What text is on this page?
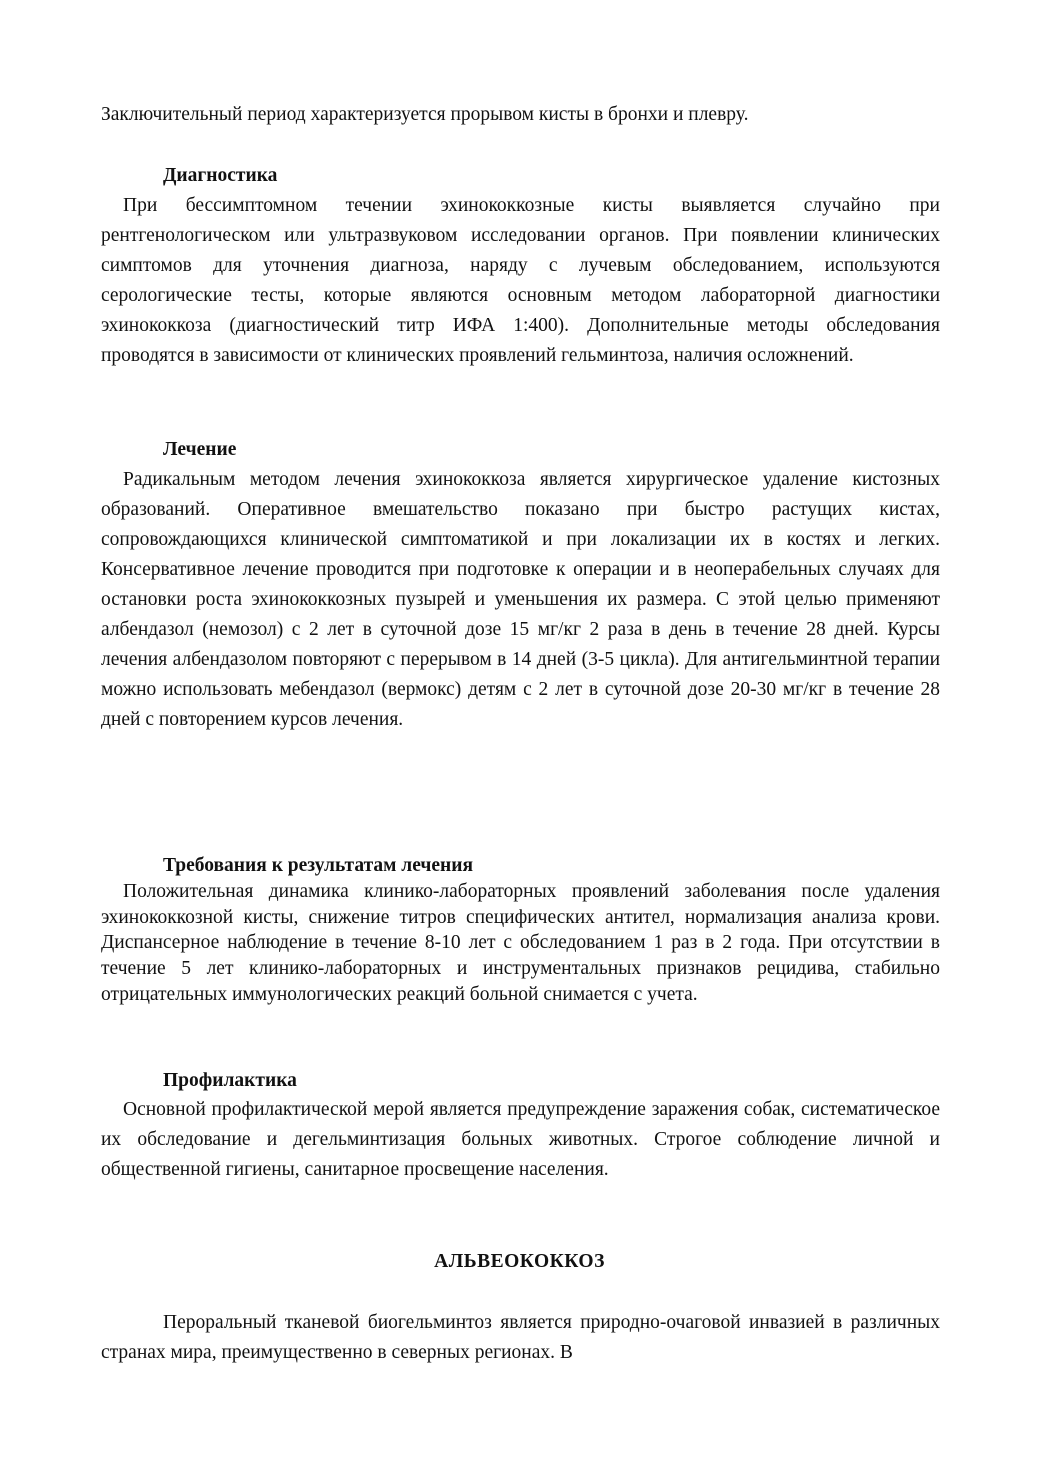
Заключительный период характеризуется прорывом кисты в бронхи и плевру.
Диагностика
При бессимптомном течении эхинококкозные кисты выявляется случайно при рентгенологическом или ультразвуковом исследовании органов. При появлении клинических симптомов для уточнения диагноза, наряду с лучевым обследованием, используются серологические тесты, которые являются основным методом лабораторной диагностики эхинококкоза (диагностический титр ИФА 1:400). Дополнительные методы обследования проводятся в зависимости от клинических проявлений гельминтоза, наличия осложнений.
Лечение
Радикальным методом лечения эхинококкоза является хирургическое удаление кистозных образований. Оперативное вмешательство показано при быстро растущих кистах, сопровождающихся клинической симптоматикой и при локализации их в костях и легких. Консервативное лечение проводится при подготовке к операции и в неоперабельных случаях для остановки роста эхинококкозных пузырей и уменьшения их размера. С этой целью применяют албендазол (немозол) с 2 лет в суточной дозе 15 мг/кг 2 раза в день в течение 28 дней. Курсы лечения албендазолом повторяют с перерывом в 14 дней (3-5 цикла). Для антигельминтной терапии можно использовать мебендазол (вермокс) детям с 2 лет в суточной дозе 20-30 мг/кг в течение 28 дней с повторением курсов лечения.
Требования к результатам лечения
Положительная динамика клинико-лабораторных проявлений заболевания после удаления эхинококкозной кисты, снижение титров специфических антител, нормализация анализа крови. Диспансерное наблюдение в течение 8-10 лет с обследованием 1 раз в 2 года. При отсутствии в течение 5 лет клинико-лабораторных и инструментальных признаков рецидива, стабильно отрицательных иммунологических реакций больной снимается с учета.
Профилактика
Основной профилактической мерой является предупреждение заражения собак, систематическое их обследование и дегельминтизация больных животных. Строгое соблюдение личной и общественной гигиены, санитарное просвещение населения.
АЛЬВЕОКОККОЗ
Пероральный тканевой биогельминтоз является природно-очаговой инвазией в различных странах мира, преимущественно в северных регионах. В
